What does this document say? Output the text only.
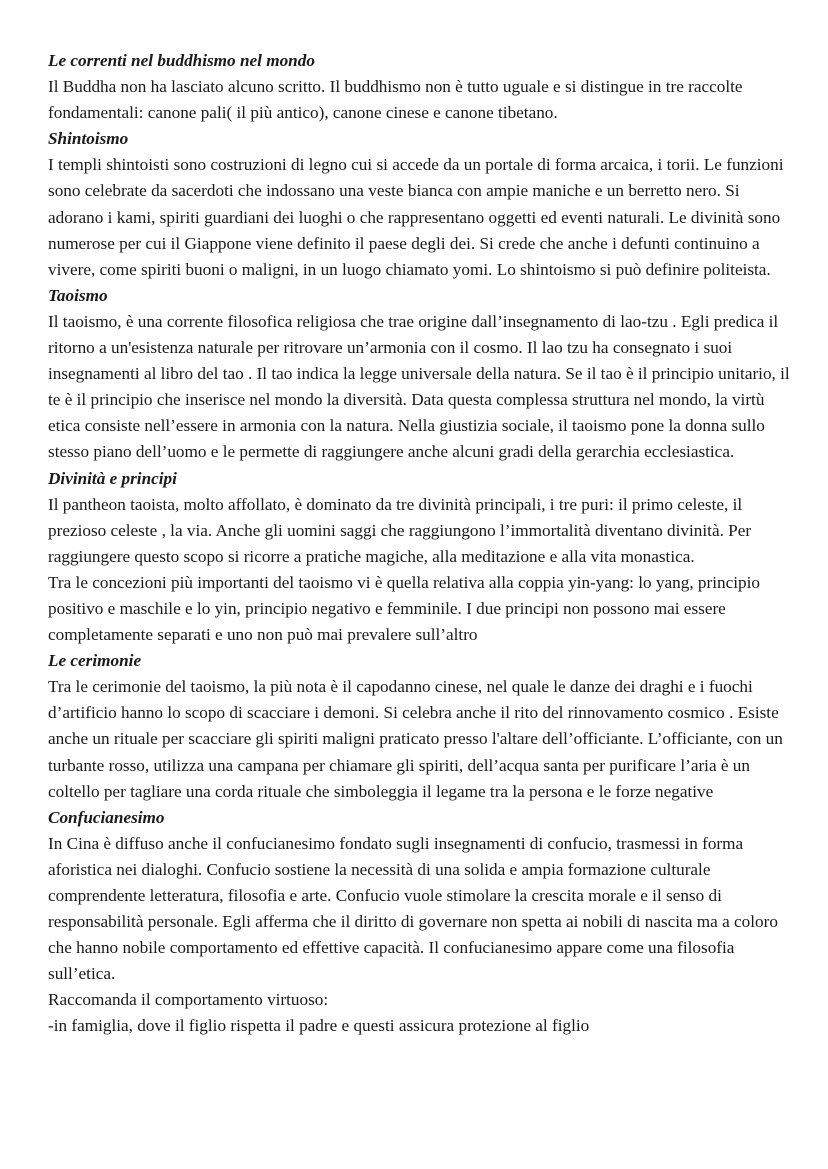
Le correnti nel buddhismo nel mondo

Il Buddha non ha lasciato alcuno scritto. Il buddhismo non è tutto uguale e si distingue in tre raccolte fondamentali: canone pali( il più antico), canone cinese e canone tibetano.

Shintoismo

I templi shintoisti sono costruzioni di legno cui si accede da un portale di forma arcaica, i torii. Le funzioni sono celebrate da sacerdoti che indossano una veste bianca con ampie maniche e un berretto nero. Si adorano i kami, spiriti guardiani dei luoghi o che rappresentano oggetti ed eventi naturali. Le divinità sono numerose per cui il Giappone viene definito il paese degli dei. Si crede che anche i defunti continuino a vivere, come spiriti buoni o maligni, in un luogo chiamato yomi. Lo shintoismo si può definire politeista.

Taoismo

Il taoismo, è una corrente filosofica religiosa che trae origine dall’insegnamento di lao-tzu . Egli predica il ritorno a un'esistenza naturale per ritrovare un’armonia con il cosmo. Il lao tzu ha consegnato i suoi insegnamenti al libro del tao . Il tao indica la legge universale della natura. Se il tao è il principio unitario, il te è il principio che inserisce nel mondo la diversità. Data questa complessa struttura nel mondo, la virtù etica consiste nell’essere in armonia con la natura. Nella giustizia sociale, il taoismo pone la donna sullo stesso piano dell’uomo e le permette di raggiungere anche alcuni gradi della gerarchia ecclesiastica.

Divinità e principi

Il pantheon taoista, molto affollato, è dominato da tre divinità principali, i tre puri: il primo celeste, il prezioso celeste , la via. Anche gli uomini saggi che raggiungono l’immortalità diventano divinità. Per raggiungere questo scopo si ricorre a pratiche magiche, alla meditazione e alla vita monastica.

Tra le concezioni più importanti del taoismo vi è quella relativa alla coppia yin-yang: lo yang, principio positivo e maschile e lo yin, principio negativo e femminile. I due principi non possono mai essere completamente separati e uno non può mai prevalere sull’altro

Le cerimonie

Tra le cerimonie del taoismo, la più nota è il capodanno cinese, nel quale le danze dei draghi e i fuochi d’artificio hanno lo scopo di scacciare i demoni. Si celebra anche il rito del rinnovamento cosmico . Esiste anche un rituale per scacciare gli spiriti maligni praticato presso l'altare dell’officiante. L’officiante, con un turbante rosso, utilizza una campana per chiamare gli spiriti, dell’acqua santa per purificare l’aria è un coltello per tagliare una corda rituale che simboleggia il legame tra la persona e le forze negative

Confucianesimo

In Cina è diffuso anche il confucianesimo fondato sugli insegnamenti di confucio, trasmessi in forma aforistica nei dialoghi. Confucio sostiene la necessità di una solida e ampia formazione culturale comprendente letteratura, filosofia e arte. Confucio vuole stimolare la crescita morale e il senso di responsabilità personale. Egli afferma che il diritto di governare non spetta ai nobili di nascita ma a coloro che hanno nobile comportamento ed effettive capacità. Il confucianesimo appare come una filosofia sull’etica.

Raccomanda il comportamento virtuoso:

-in famiglia, dove il figlio rispetta il padre e questi assicura protezione al figlio
